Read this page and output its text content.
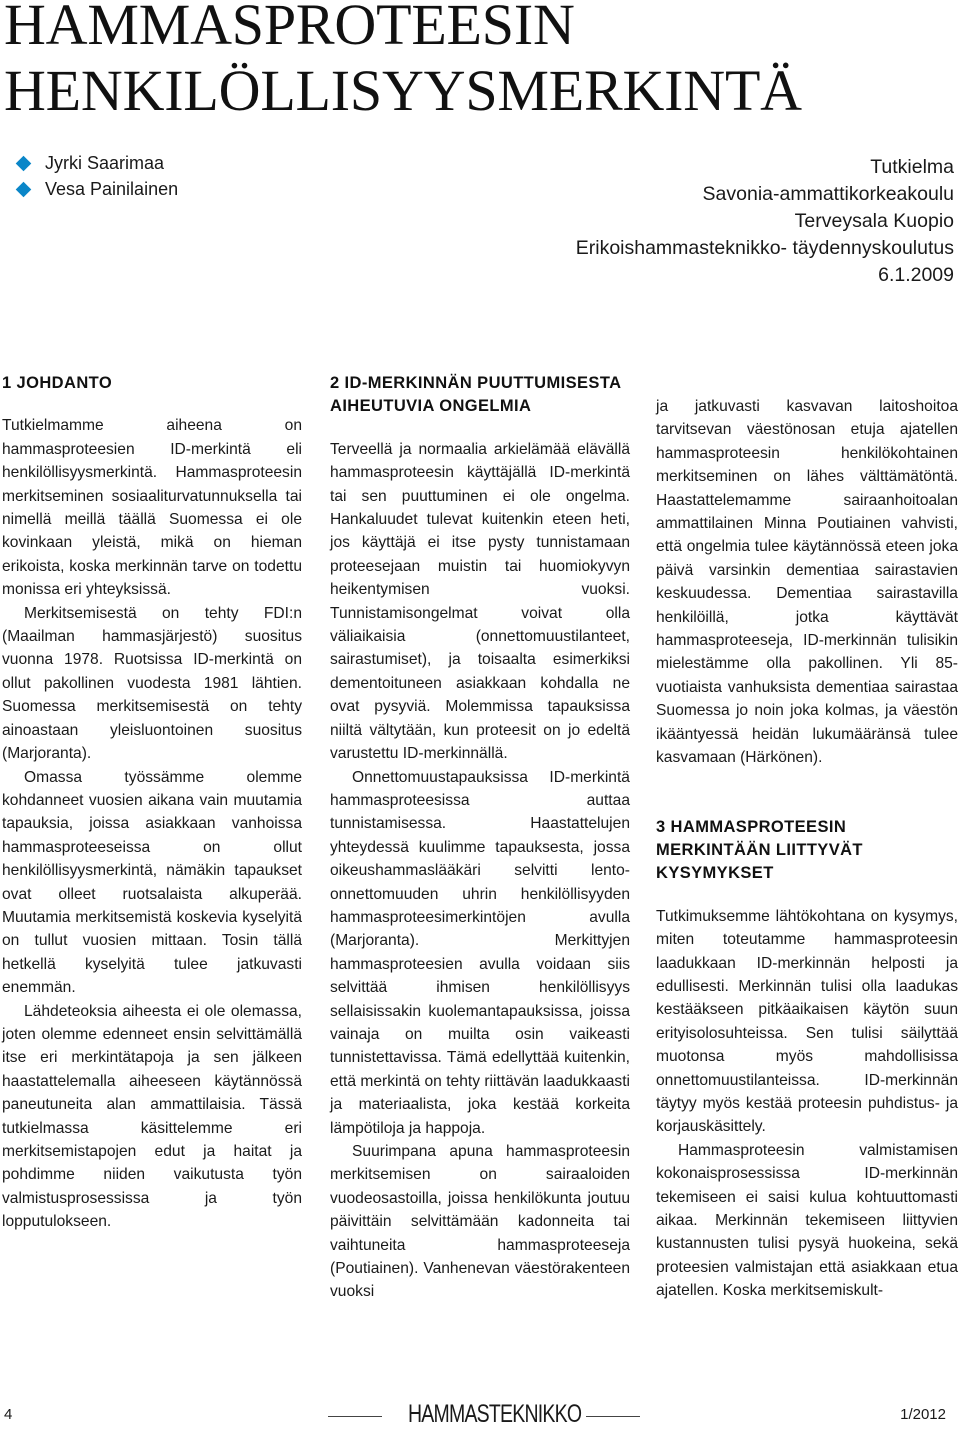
HAMMASPROTEESIN
HENKILÖLLISYYSMERKINTÄ
Jyrki Saarimaa
Vesa Painilainen
Tutkielma
Savonia-ammattikorkeakoulu
Terveysala Kuopio
Erikoishammasteknikko- täydennyskoulutus
6.1.2009
1 JOHDANTO

Tutkielmamme aiheena on hammasproteesien ID-merkintä eli henkilöllisyysmerkintä. Hammasproteesin merkitseminen sosiaaliturvatunnuksella tai nimellä meillä täällä Suomessa ei ole kovinkaan yleistä, mikä on hieman erikoista, koska merkinnän tarve on todettu monissa eri yhteyksissä.

Merkitsemisestä on tehty FDI:n (Maailman hammasjärjestö) suositus vuonna 1978. Ruotsissa ID-merkintä on ollut pakollinen vuodesta 1981 lähtien. Suomessa merkitsemisestä on tehty ainoastaan yleisluontoinen suositus (Marjoranta).

Omassa työssämme olemme kohdanneet vuosien aikana vain muutamia tapauksia, joissa asiakkaan vanhoissa hammasproteeseissa on ollut henkilöllisyysmerkintä, nämäkin tapaukset ovat olleet ruotsalaista alkuperää. Muutamia merkitsemistä koskevia kyselyitä on tullut vuosien mittaan. Tosin tällä hetkellä kyselyitä tulee jatkuvasti enemmän.

Lähdeteoksia aiheesta ei ole olemassa, joten olemme edenneet ensin selvittämällä itse eri merkintätapoja ja sen jälkeen haastattelemalla aiheeseen käytännössä paneutuneita alan ammattilaisia. Tässä tutkielmassa käsittelemme eri merkitsemistapojen edut ja haitat ja pohdimme niiden vaikutusta työn valmistusprosessissa ja työn lopputulokseen.

2 ID-MERKINNÄN PUUTTUMISESTA AIHEUTUVIA ONGELMIA

Terveellä ja normaalia arkielämää elävällä hammasproteesin käyttäjällä ID-merkintä tai sen puuttuminen ei ole ongelma. Hankaluudet tulevat kuitenkin eteen heti, jos käyttäjä ei itse pysty tunnistamaan proteesejaan muistin tai huomiokyvyn heikentymisen vuoksi. Tunnistamisongelmat voivat olla väliaikaisia (onnettomuustilanteet, sairastumiset), ja toisaalta esimerkiksi dementoituneen asiakkaan kohdalla ne ovat pysyviä. Molemmissa tapauksissa niiltä vältytään, kun proteesit on jo edeltä varustettu ID-merkinnällä.

Onnettomuustapauksissa ID-merkintä hammasproteesissa auttaa tunnistamisessa. Haastattelujen yhteydessä kuulimme tapauksesta, jossa oikeushammaslääkäri selvitti lento-onnettomuuden uhrin henkilöllisyyden hammasproteesimerkintöjen avulla (Marjoranta). Merkittyjen hammasproteesien avulla voidaan siis selvittää ihmisen henkilöllisyys sellaisissakin kuolemantapauksissa, joissa vainaja on muilta osin vaikeasti tunnistettavissa. Tämä edellyttää kuitenkin, että merkintä on tehty riittävän laadukkaasti ja materiaalista, joka kestää korkeita lämpötiloja ja happoja.

Suurimpana apuna hammasproteesin merkitsemisen on sairaaloiden vuodeosastoilla, joissa henkilökunta joutuu päivittäin selvittämään kadonneita tai vaihtuneita hammasproteeseja (Poutiainen). Vanhenevan väestörakenteen vuoksi

ja jatkuvasti kasvavan laitoshoitoa tarvitsevan väestönosan etuja ajatellen hammasproteesin henkilökohtainen merkitseminen on lähes välttämätöntä. Haastattelemamme sairaanhoitoalan ammattilainen Minna Poutiainen vahvisti, että ongelmia tulee käytännössä eteen joka päivä varsinkin dementiaa sairastavien keskuudessa. Dementiaa sairastavilla henkilöillä, jotka käyttävät hammasproteeseja, ID-merkinnän tulisikin mielestämme olla pakollinen. Yli 85-vuotiaista vanhuksista dementiaa sairastaa Suomessa jo noin joka kolmas, ja väestön ikääntyessä heidän lukumääränsä tulee kasvamaan (Härkönen).

3 HAMMASPROTEESIN MERKINTÄÄN LIITTYVÄT KYSYMYKSET

Tutkimuksemme lähtökohtana on kysymys, miten toteutamme hammasproteesin laadukkaan ID-merkinnän helposti ja edullisesti. Merkinnän tulisi olla laadukas kestääkseen pitkäaikaisen käytön suun erityisolosuhteissa. Sen tulisi säilyttää muotonsa myös mahdollisissa onnettomuustilanteissa. ID-merkinnän täytyy myös kestää proteesin puhdistus- ja korjauskäsittely.

Hammasproteesin valmistamisen kokonaisprosessissa ID-merkinnän tekemiseen ei saisi kulua kohtuuttomasti aikaa. Merkinnän tekemiseen liittyvien kustannusten tulisi pysyä huokeina, sekä proteesien valmistajan että asiakkaan etua ajatellen. Koska merkitsemiskult-

4	HAMMASTEKNIKKO	1/2012
